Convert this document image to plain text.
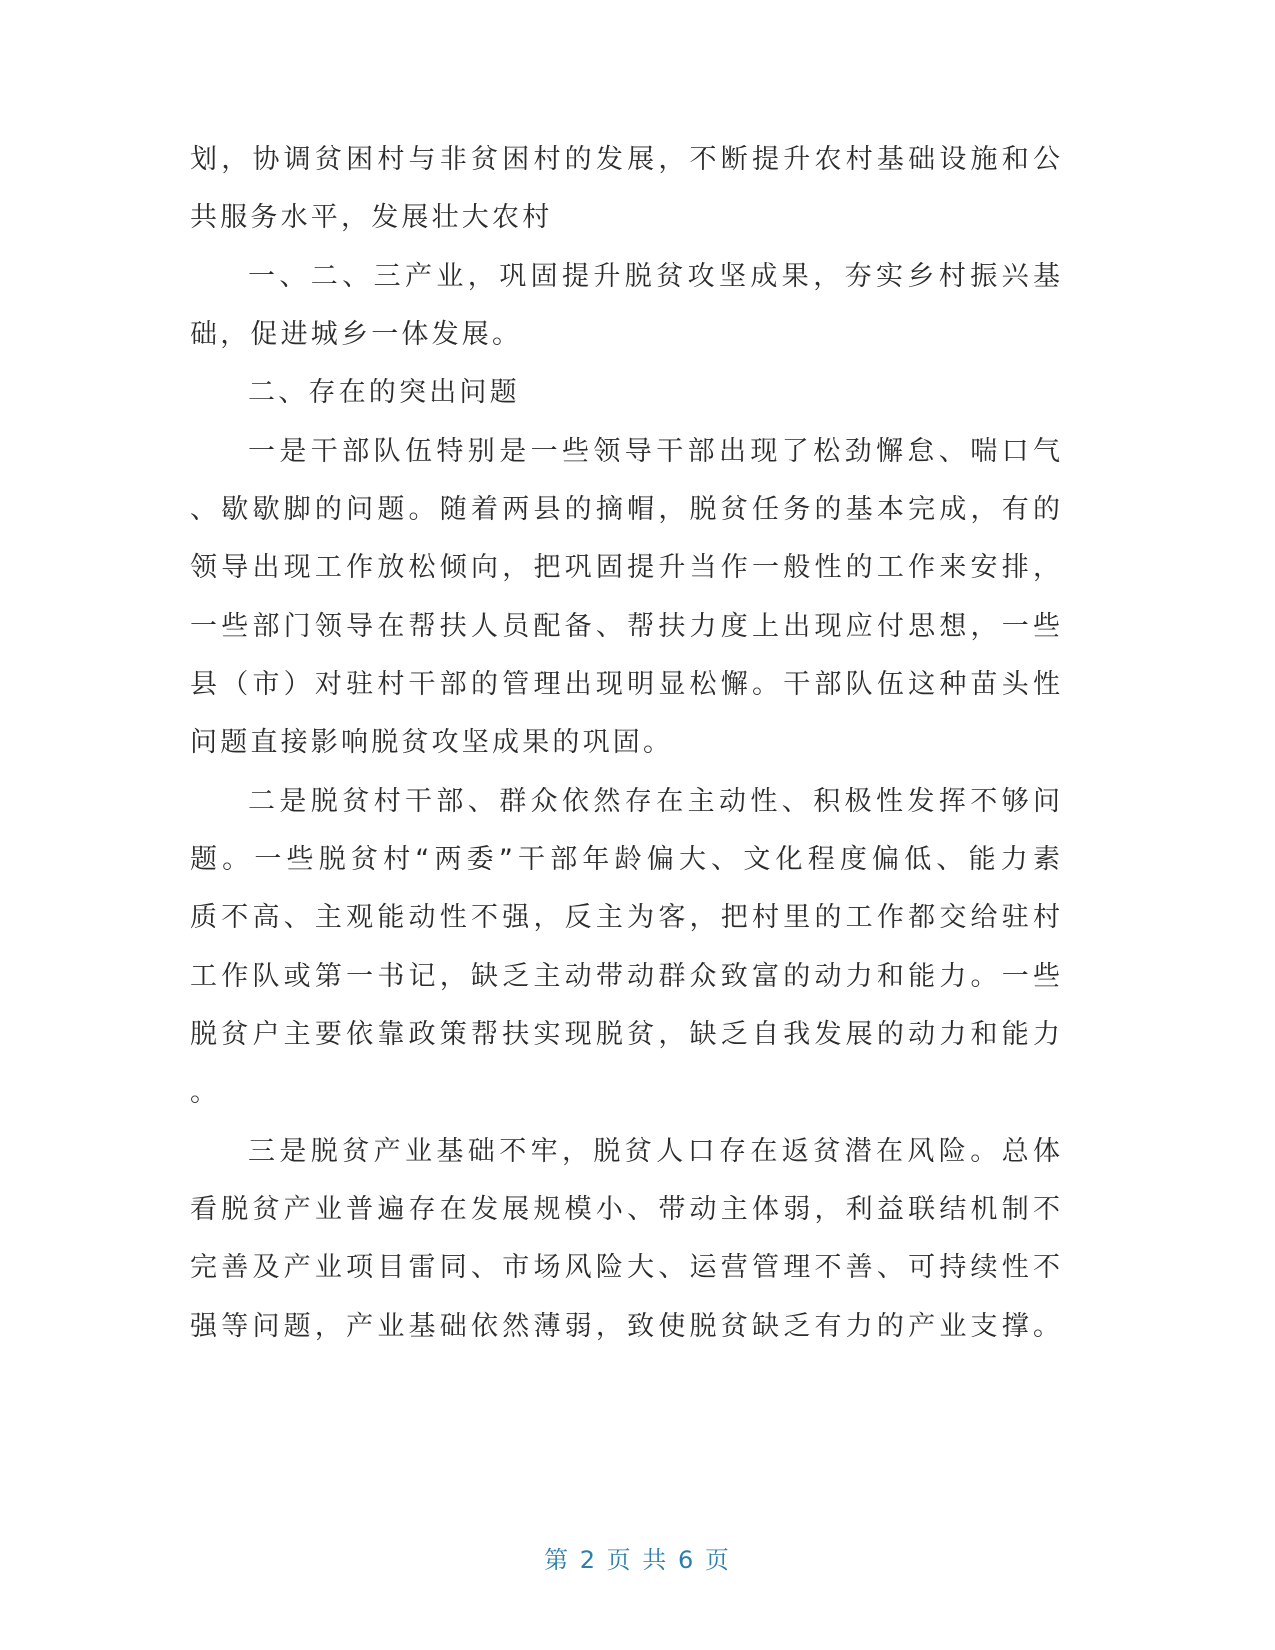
划，协调贫困村与非贫困村的发展，不断提升农村基础设施和公
共服务水平，发展壮大农村
一、二、三产业，巩固提升脱贫攻坚成果，夯实乡村振兴基
础，促进城乡一体发展。
二、存在的突出问题
一是干部队伍特别是一些领导干部出现了松劲懈怠、喘口气
、歇歇脚的问题。随着两县的摘帽，脱贫任务的基本完成，有的
领导出现工作放松倾向，把巩固提升当作一般性的工作来安排，
一些部门领导在帮扶人员配备、帮扶力度上出现应付思想，一些
县（市）对驻村干部的管理出现明显松懈。干部队伍这种苗头性
问题直接影响脱贫攻坚成果的巩固。
二是脱贫村干部、群众依然存在主动性、积极性发挥不够问
题。一些脱贫村“两委”干部年龄偏大、文化程度偏低、能力素
质不高、主观能动性不强，反主为客，把村里的工作都交给驻村
工作队或第一书记，缺乏主动带动群众致富的动力和能力。一些
脱贫户主要依靠政策帮扶实现脱贫，缺乏自我发展的动力和能力
。
三是脱贫产业基础不牢，脱贫人口存在返贫潜在风险。总体
看脱贫产业普遍存在发展规模小、带动主体弱，利益联结机制不
完善及产业项目雷同、市场风险大、运营管理不善、可持续性不
强等问题，产业基础依然薄弱，致使脱贫缺乏有力的产业支撑。
第 2 页 共 6 页
